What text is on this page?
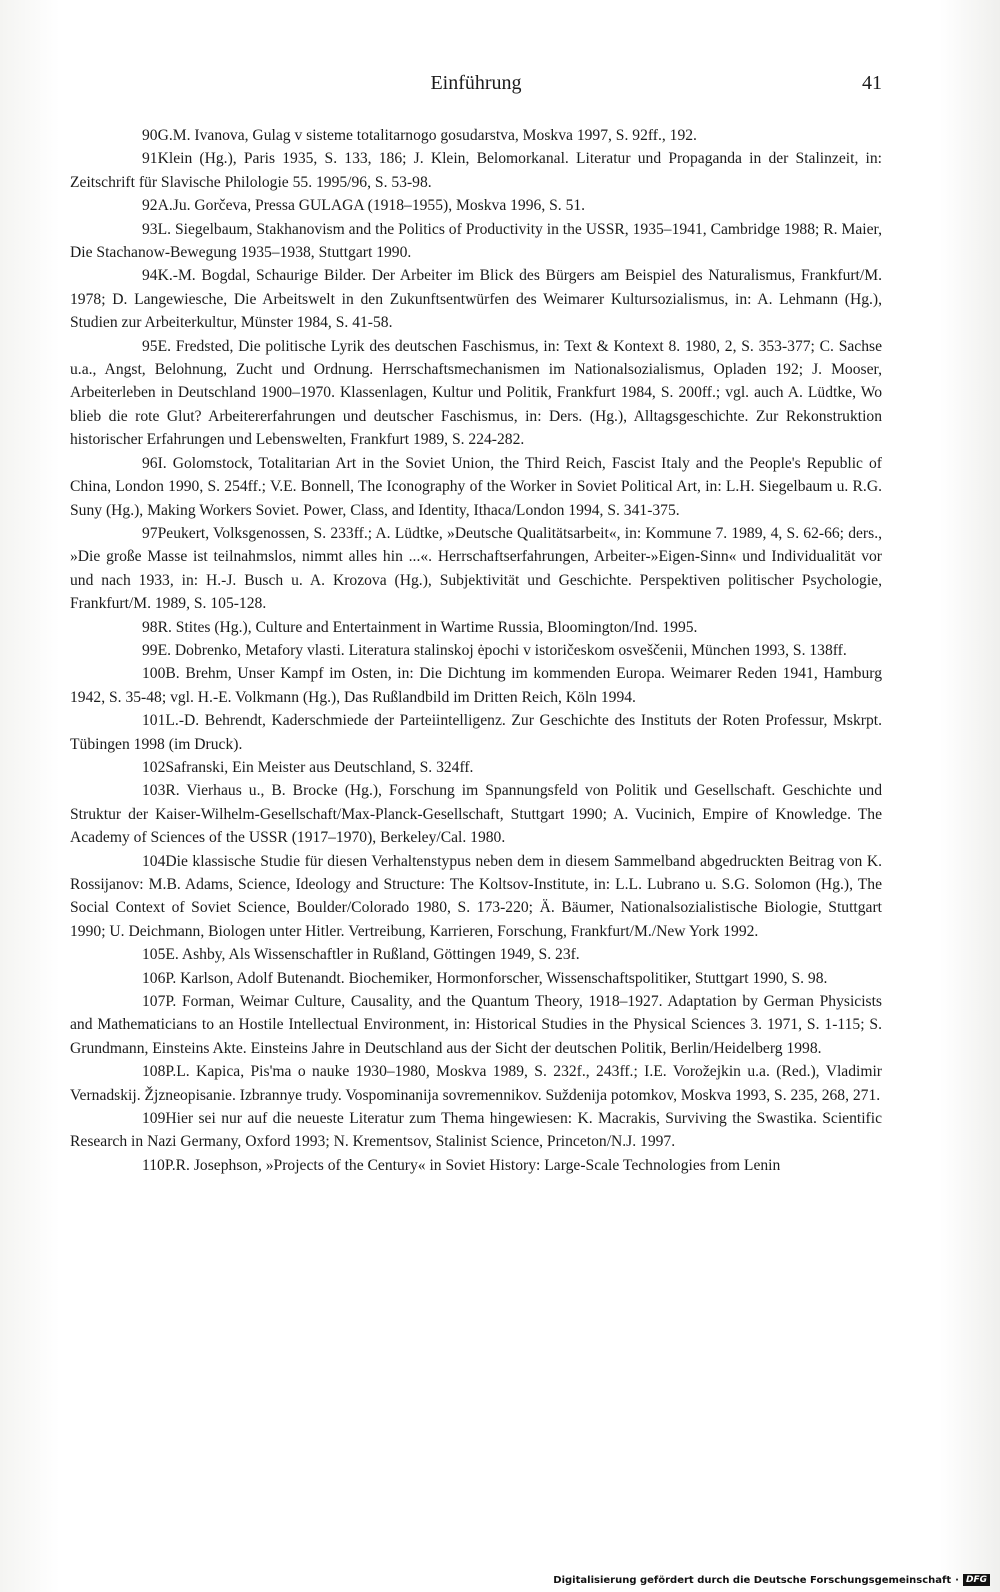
Einführung	41

90G.M. Ivanova, Gulag v sisteme totalitarnogo gosudarstva, Moskva 1997, S. 92ff., 192.

91Klein (Hg.), Paris 1935, S. 133, 186; J. Klein, Belomorkanal. Literatur und Propaganda in der Stalinzeit, in: Zeitschrift für Slavische Philologie 55. 1995/96, S. 53-98.

92A.Ju. Gorčeva, Pressa GULAGA (1918–1955), Moskva 1996, S. 51.

93L. Siegelbaum, Stakhanovism and the Politics of Productivity in the USSR, 1935–1941, Cambridge 1988; R. Maier, Die Stachanow-Bewegung 1935–1938, Stuttgart 1990.

94K.-M. Bogdal, Schaurige Bilder. Der Arbeiter im Blick des Bürgers am Beispiel des Naturalismus, Frankfurt/M. 1978; D. Langewiesche, Die Arbeitswelt in den Zukunftsentwürfen des Weimarer Kultursozialismus, in: A. Lehmann (Hg.), Studien zur Arbeiterkultur, Münster 1984, S. 41-58.

95E. Fredsted, Die politische Lyrik des deutschen Faschismus, in: Text & Kontext 8. 1980, 2, S. 353-377; C. Sachse u.a., Angst, Belohnung, Zucht und Ordnung. Herrschaftsmechanismen im Nationalsozialismus, Opladen 192; J. Mooser, Arbeiterleben in Deutschland 1900–1970. Klassenlagen, Kultur und Politik, Frankfurt 1984, S. 200ff.; vgl. auch A. Lüdtke, Wo blieb die rote Glut? Arbeitererfahrungen und deutscher Faschismus, in: Ders. (Hg.), Alltagsgeschichte. Zur Rekonstruktion historischer Erfahrungen und Lebenswelten, Frankfurt 1989, S. 224-282.

96I. Golomstock, Totalitarian Art in the Soviet Union, the Third Reich, Fascist Italy and the People's Republic of China, London 1990, S. 254ff.; V.E. Bonnell, The Iconography of the Worker in Soviet Political Art, in: L.H. Siegelbaum u. R.G. Suny (Hg.), Making Workers Soviet. Power, Class, and Identity, Ithaca/London 1994, S. 341-375.

97Peukert, Volksgenossen, S. 233ff.; A. Lüdtke, »Deutsche Qualitätsarbeit«, in: Kommune 7. 1989, 4, S. 62-66; ders., »Die große Masse ist teilnahmslos, nimmt alles hin ...«. Herrschaftserfahrungen, Arbeiter-»Eigen-Sinn« und Individualität vor und nach 1933, in: H.-J. Busch u. A. Krozova (Hg.), Subjektivität und Geschichte. Perspektiven politischer Psychologie, Frankfurt/M. 1989, S. 105-128.

98R. Stites (Hg.), Culture and Entertainment in Wartime Russia, Bloomington/Ind. 1995.

99E. Dobrenko, Metafory vlasti. Literatura stalinskoj ėpochi v istoričeskom osveščenii, München 1993, S. 138ff.

100B. Brehm, Unser Kampf im Osten, in: Die Dichtung im kommenden Europa. Weimarer Reden 1941, Hamburg 1942, S. 35-48; vgl. H.-E. Volkmann (Hg.), Das Rußlandbild im Dritten Reich, Köln 1994.

101L.-D. Behrendt, Kaderschmiede der Parteiintelligenz. Zur Geschichte des Instituts der Roten Professur, Mskrpt. Tübingen 1998 (im Druck).

102Safranski, Ein Meister aus Deutschland, S. 324ff.

103R. Vierhaus u., B. Brocke (Hg.), Forschung im Spannungsfeld von Politik und Gesellschaft. Geschichte und Struktur der Kaiser-Wilhelm-Gesellschaft/Max-Planck-Gesellschaft, Stuttgart 1990; A. Vucinich, Empire of Knowledge. The Academy of Sciences of the USSR (1917–1970), Berkeley/Cal. 1980.

104Die klassische Studie für diesen Verhaltenstypus neben dem in diesem Sammelband abgedruckten Beitrag von K. Rossijanov: M.B. Adams, Science, Ideology and Structure: The Koltsov-Institute, in: L.L. Lubrano u. S.G. Solomon (Hg.), The Social Context of Soviet Science, Boulder/Colorado 1980, S. 173-220; Ä. Bäumer, Nationalsozialistische Biologie, Stuttgart 1990; U. Deichmann, Biologen unter Hitler. Vertreibung, Karrieren, Forschung, Frankfurt/M./New York 1992.

105E. Ashby, Als Wissenschaftler in Rußland, Göttingen 1949, S. 23f.

106P. Karlson, Adolf Butenandt. Biochemiker, Hormonforscher, Wissenschaftspolitiker, Stuttgart 1990, S. 98.

107P. Forman, Weimar Culture, Causality, and the Quantum Theory, 1918–1927. Adaptation by German Physicists and Mathematicians to an Hostile Intellectual Environment, in: Historical Studies in the Physical Sciences 3. 1971, S. 1-115; S. Grundmann, Einsteins Akte. Einsteins Jahre in Deutschland aus der Sicht der deutschen Politik, Berlin/Heidelberg 1998.

108P.L. Kapica, Pis'ma o nauke 1930–1980, Moskva 1989, S. 232f., 243ff.; I.E. Vorožejkin u.a. (Red.), Vladimir Vernadskij. Žjzneopisanie. Izbrannye trudy. Vospominanija sovremennikov. Suždenija potomkov, Moskva 1993, S. 235, 268, 271.

109Hier sei nur auf die neueste Literatur zum Thema hingewiesen: K. Macrakis, Surviving the Swastika. Scientific Research in Nazi Germany, Oxford 1993; N. Krementsov, Stalinist Science, Princeton/N.J. 1997.

110P.R. Josephson, »Projects of the Century« in Soviet History: Large-Scale Technologies from Lenin

Digitalisierung gefördert durch die Deutsche Forschungsgemeinschaft · DFG
